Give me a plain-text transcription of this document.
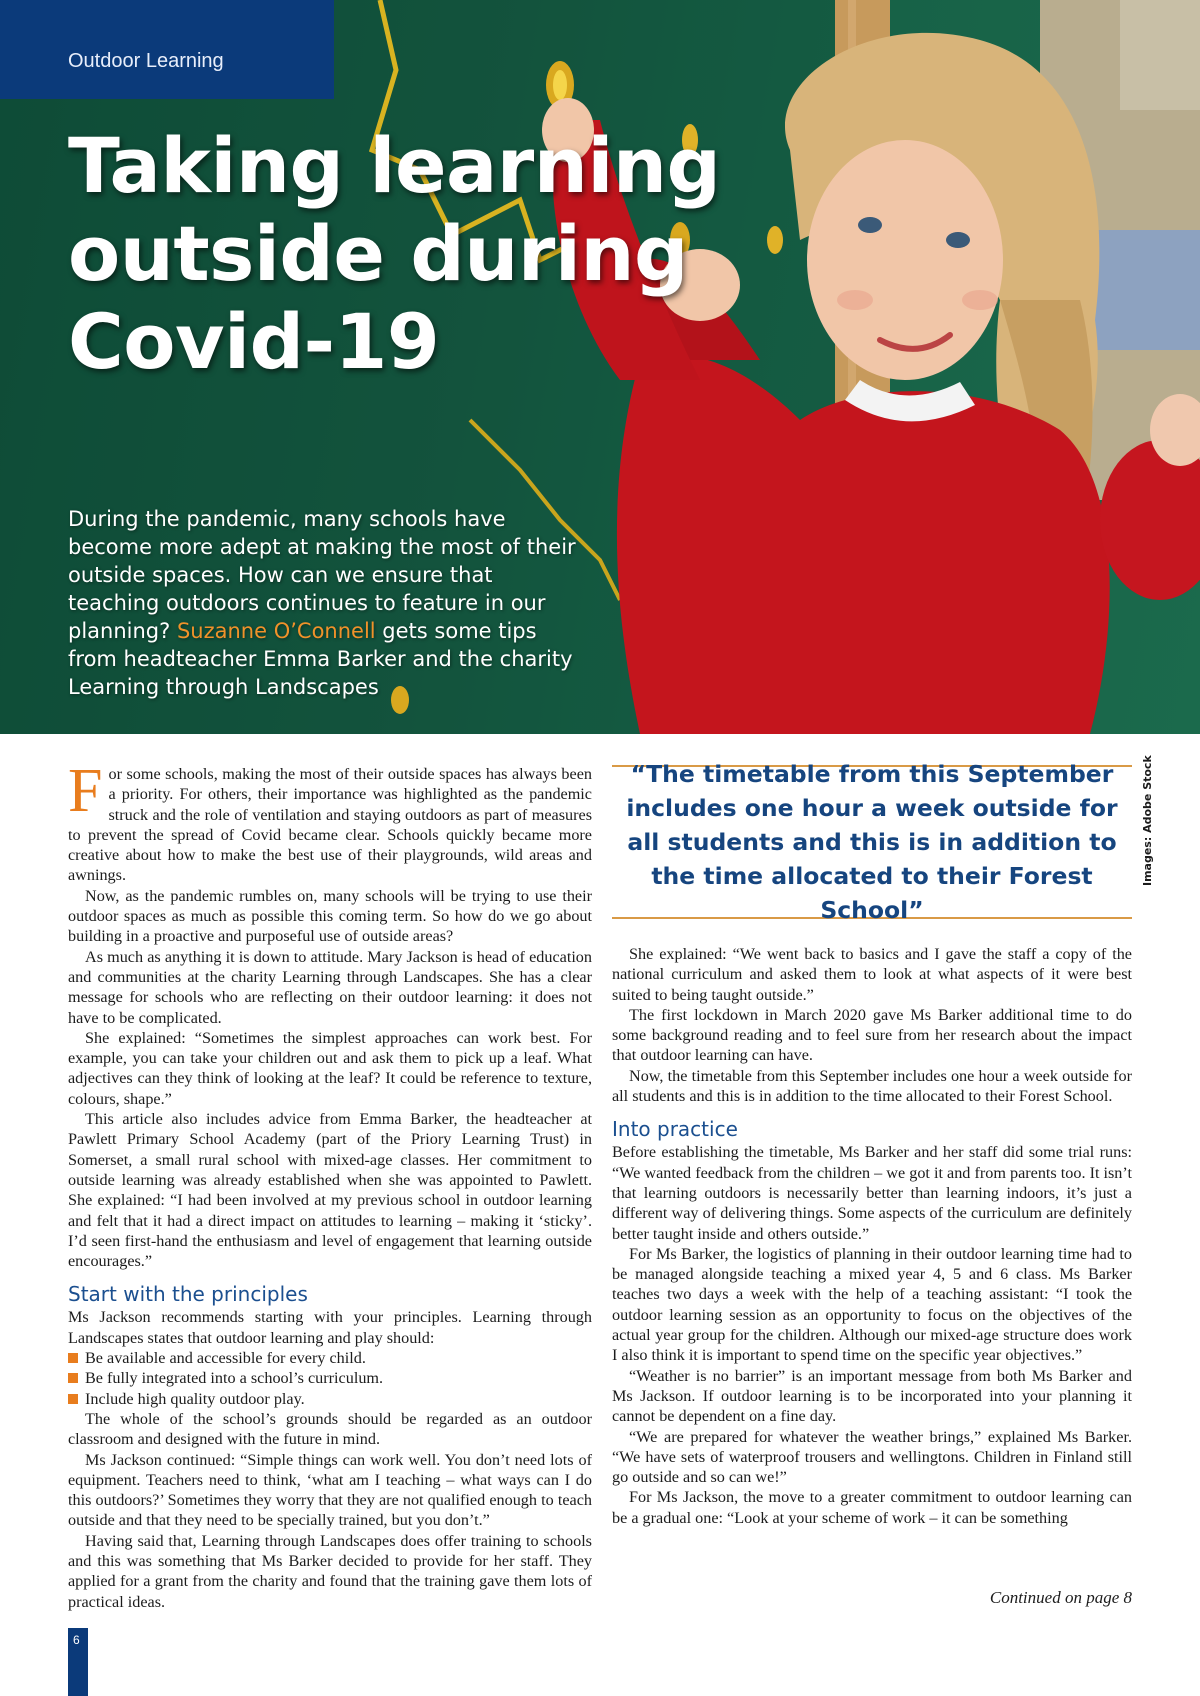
Outdoor Learning
Taking learning outside during Covid-19

During the pandemic, many schools have become more adept at making the most of their outside spaces. How can we ensure that teaching outdoors continues to feature in our planning? Suzanne O’Connell gets some tips from headteacher Emma Barker and the charity Learning through Landscapes

For some schools, making the most of their outside spaces has always been a priority. For others, their importance was highlighted as the pandemic struck and the role of ventilation and staying outdoors as part of measures to prevent the spread of Covid became clear. Schools quickly became more creative about how to make the best use of their playgrounds, wild areas and awnings.

Now, as the pandemic rumbles on, many schools will be trying to use their outdoor spaces as much as possible this coming term. So how do we go about building in a proactive and purposeful use of outside areas?

As much as anything it is down to attitude. Mary Jackson is head of education and communities at the charity Learning through Landscapes. She has a clear message for schools who are reflecting on their outdoor learning: it does not have to be complicated.

She explained: “Sometimes the simplest approaches can work best. For example, you can take your children out and ask them to pick up a leaf. What adjectives can they think of looking at the leaf? It could be reference to texture, colours, shape.”

This article also includes advice from Emma Barker, the headteacher at Pawlett Primary School Academy (part of the Priory Learning Trust) in Somerset, a small rural school with mixed-age classes. Her commitment to outside learning was already established when she was appointed to Pawlett. She explained: “I had been involved at my previous school in outdoor learning and felt that it had a direct impact on attitudes to learning – making it ‘sticky’. I’d seen first-hand the enthusiasm and level of engagement that learning outside encourages.”

Start with the principles

Ms Jackson recommends starting with your principles. Learning through Landscapes states that outdoor learning and play should:

Be available and accessible for every child.
Be fully integrated into a school’s curriculum.
Include high quality outdoor play.

The whole of the school’s grounds should be regarded as an outdoor classroom and designed with the future in mind.

Ms Jackson continued: “Simple things can work well. You don’t need lots of equipment. Teachers need to think, ‘what am I teaching – what ways can I do this outdoors?’ Sometimes they worry that they are not qualified enough to teach outside and that they need to be specially trained, but you don’t.”

Having said that, Learning through Landscapes does offer training to schools and this was something that Ms Barker decided to provide for her staff. They applied for a grant from the charity and found that the training gave them lots of practical ideas.

“The timetable from this September includes one hour a week outside for all students and this is in addition to the time allocated to their Forest School”

Images: Adobe Stock

She explained: “We went back to basics and I gave the staff a copy of the national curriculum and asked them to look at what aspects of it were best suited to being taught outside.”

The first lockdown in March 2020 gave Ms Barker additional time to do some background reading and to feel sure from her research about the impact that outdoor learning can have.

Now, the timetable from this September includes one hour a week outside for all students and this is in addition to the time allocated to their Forest School.

Into practice

Before establishing the timetable, Ms Barker and her staff did some trial runs: “We wanted feedback from the children – we got it and from parents too. It isn’t that learning outdoors is necessarily better than learning indoors, it’s just a different way of delivering things. Some aspects of the curriculum are definitely better taught inside and others outside.”

For Ms Barker, the logistics of planning in their outdoor learning time had to be managed alongside teaching a mixed year 4, 5 and 6 class. Ms Barker teaches two days a week with the help of a teaching assistant: “I took the outdoor learning session as an opportunity to focus on the objectives of the actual year group for the children. Although our mixed-age structure does work I also think it is important to spend time on the specific year objectives.”

“Weather is no barrier” is an important message from both Ms Barker and Ms Jackson. If outdoor learning is to be incorporated into your planning it cannot be dependent on a fine day.

“We are prepared for whatever the weather brings,” explained Ms Barker. “We have sets of waterproof trousers and wellingtons. Children in Finland still go outside and so can we!”

For Ms Jackson, the move to a greater commitment to outdoor learning can be a gradual one: “Look at your scheme of work – it can be something

Continued on page 8
6
